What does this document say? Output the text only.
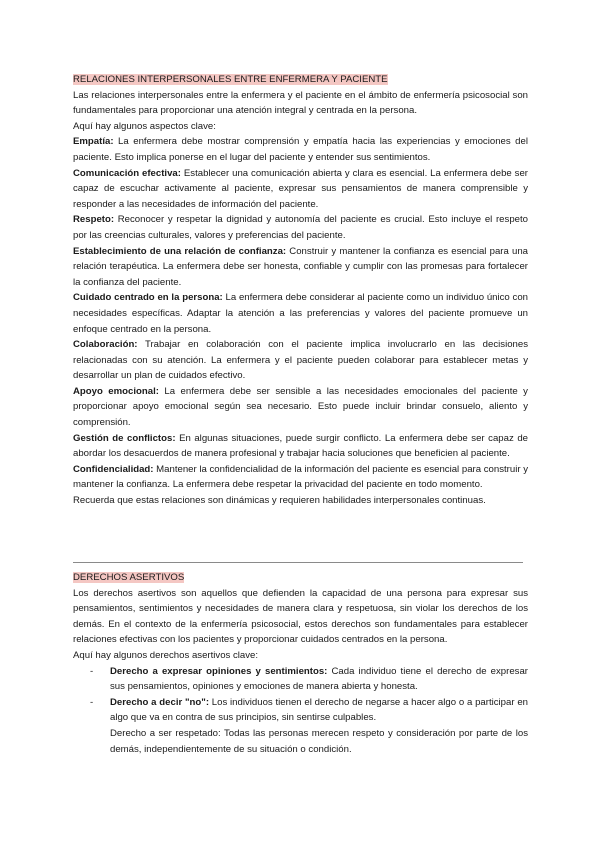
RELACIONES INTERPERSONALES ENTRE ENFERMERA Y PACIENTE

Las relaciones interpersonales entre la enfermera y el paciente en el ámbito de enfermería psicosocial son fundamentales para proporcionar una atención integral y centrada en la persona.

Aquí hay algunos aspectos clave:

Empatía: La enfermera debe mostrar comprensión y empatía hacia las experiencias y emociones del paciente. Esto implica ponerse en el lugar del paciente y entender sus sentimientos.

Comunicación efectiva: Establecer una comunicación abierta y clara es esencial. La enfermera debe ser capaz de escuchar activamente al paciente, expresar sus pensamientos de manera comprensible y responder a las necesidades de información del paciente.

Respeto: Reconocer y respetar la dignidad y autonomía del paciente es crucial. Esto incluye el respeto por las creencias culturales, valores y preferencias del paciente.

Establecimiento de una relación de confianza: Construir y mantener la confianza es esencial para una relación terapéutica. La enfermera debe ser honesta, confiable y cumplir con las promesas para fortalecer la confianza del paciente.

Cuidado centrado en la persona: La enfermera debe considerar al paciente como un individuo único con necesidades específicas. Adaptar la atención a las preferencias y valores del paciente promueve un enfoque centrado en la persona.

Colaboración: Trabajar en colaboración con el paciente implica involucrarlo en las decisiones relacionadas con su atención. La enfermera y el paciente pueden colaborar para establecer metas y desarrollar un plan de cuidados efectivo.

Apoyo emocional: La enfermera debe ser sensible a las necesidades emocionales del paciente y proporcionar apoyo emocional según sea necesario. Esto puede incluir brindar consuelo, aliento y comprensión.

Gestión de conflictos: En algunas situaciones, puede surgir conflicto. La enfermera debe ser capaz de abordar los desacuerdos de manera profesional y trabajar hacia soluciones que beneficien al paciente.

Confidencialidad: Mantener la confidencialidad de la información del paciente es esencial para construir y mantener la confianza. La enfermera debe respetar la privacidad del paciente en todo momento.

Recuerda que estas relaciones son dinámicas y requieren habilidades interpersonales continuas.

DERECHOS ASERTIVOS

Los derechos asertivos son aquellos que defienden la capacidad de una persona para expresar sus pensamientos, sentimientos y necesidades de manera clara y respetuosa, sin violar los derechos de los demás. En el contexto de la enfermería psicosocial, estos derechos son fundamentales para establecer relaciones efectivas con los pacientes y proporcionar cuidados centrados en la persona.

Aquí hay algunos derechos asertivos clave:

- Derecho a expresar opiniones y sentimientos: Cada individuo tiene el derecho de expresar sus pensamientos, opiniones y emociones de manera abierta y honesta.
- Derecho a decir "no": Los individuos tienen el derecho de negarse a hacer algo o a participar en algo que va en contra de sus principios, sin sentirse culpables.

Derecho a ser respetado: Todas las personas merecen respeto y consideración por parte de los demás, independientemente de su situación o condición.
